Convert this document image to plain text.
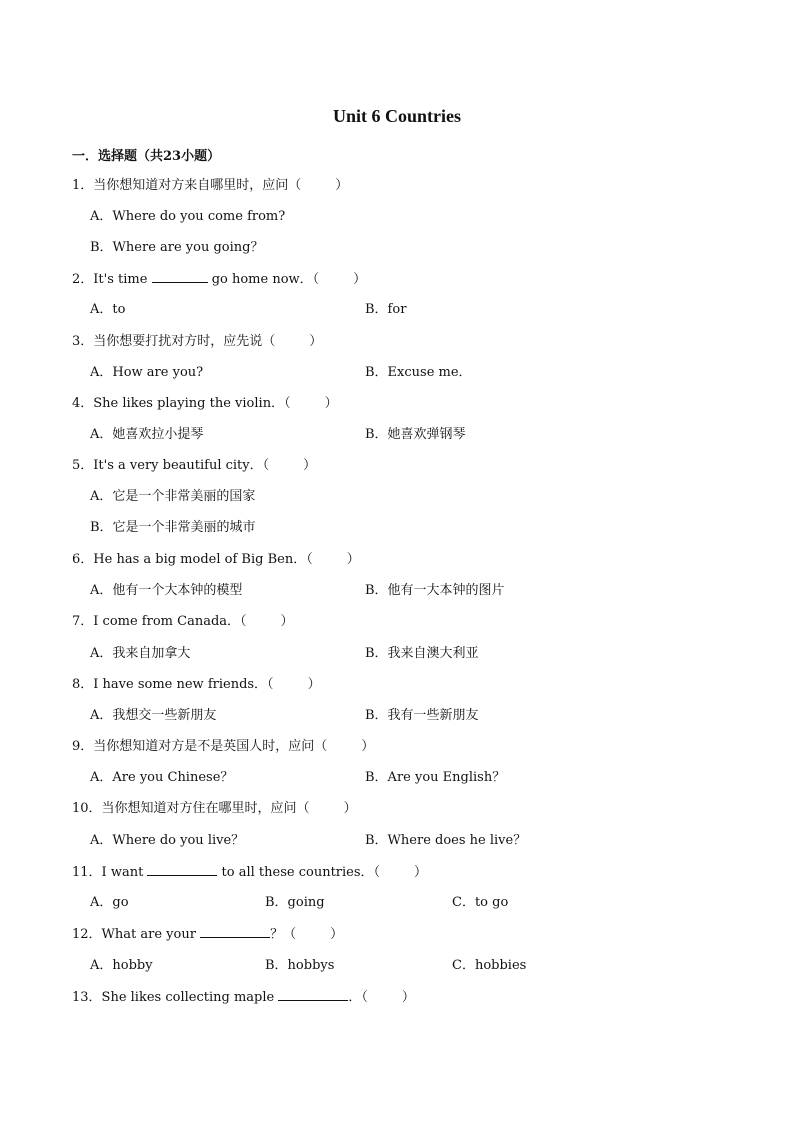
Unit 6 Countries
一．选择题（共23小题）
1．当你想知道对方来自哪里时，应问（	）
A．Where do you come from?
B．Where are you going？
2．It's time	go home now．（	）
A．to	B．for
3．当你想要打扰对方时，应先说（	）
A．How are you?	B．Excuse me．
4．She likes playing the violin．（	）
A．她喜欢拉小提琴	B．她喜欢弹钢琴
5．It's a very beautiful city．（	）
A．它是一个非常美丽的国家
B．它是一个非常美丽的城市
6．He has a big model of Big Ben．（	）
A．他有一个大本钟的模型	B．他有一大本钟的图片
7．I come from Canada．（	）
A．我来自加拿大	B．我来自澳大利亚
8．I have some new friends．（	）
A．我想交一些新朋友	B．我有一些新朋友
9．当你想知道对方是不是英国人时，应问（	）
A．Are you Chinese？	B．Are you English？
10．当你想知道对方住在哪里时，应问（	）
A．Where do you live？	B．Where does he live？
11．I want	to all these countries．（	）
A．go	B．going	C．to go
12．What are your	？（	）
A．hobby	B．hobbys	C．hobbies
13．She likes collecting maple	．（	）
